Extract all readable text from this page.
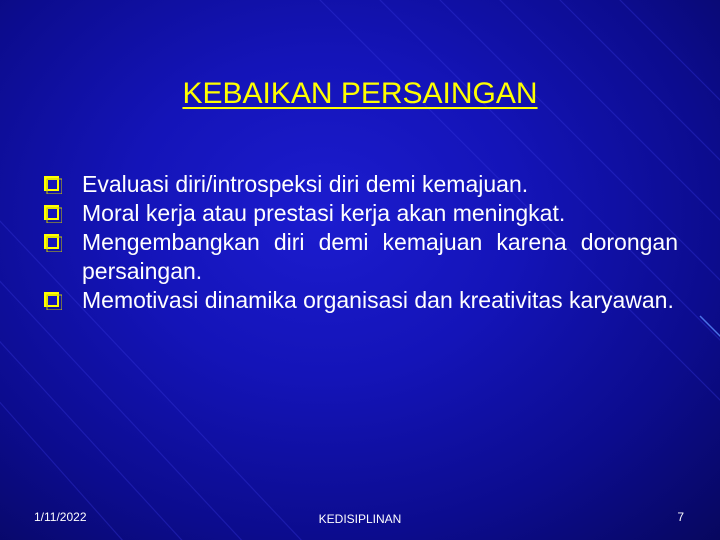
KEBAIKAN PERSAINGAN
Evaluasi diri/introspeksi diri demi kemajuan.
Moral kerja atau prestasi kerja akan meningkat.
Mengembangkan diri demi kemajuan karena dorongan persaingan.
Memotivasi dinamika organisasi dan kreativitas karyawan.
1/11/2022	KEDISIPLINAN	7
